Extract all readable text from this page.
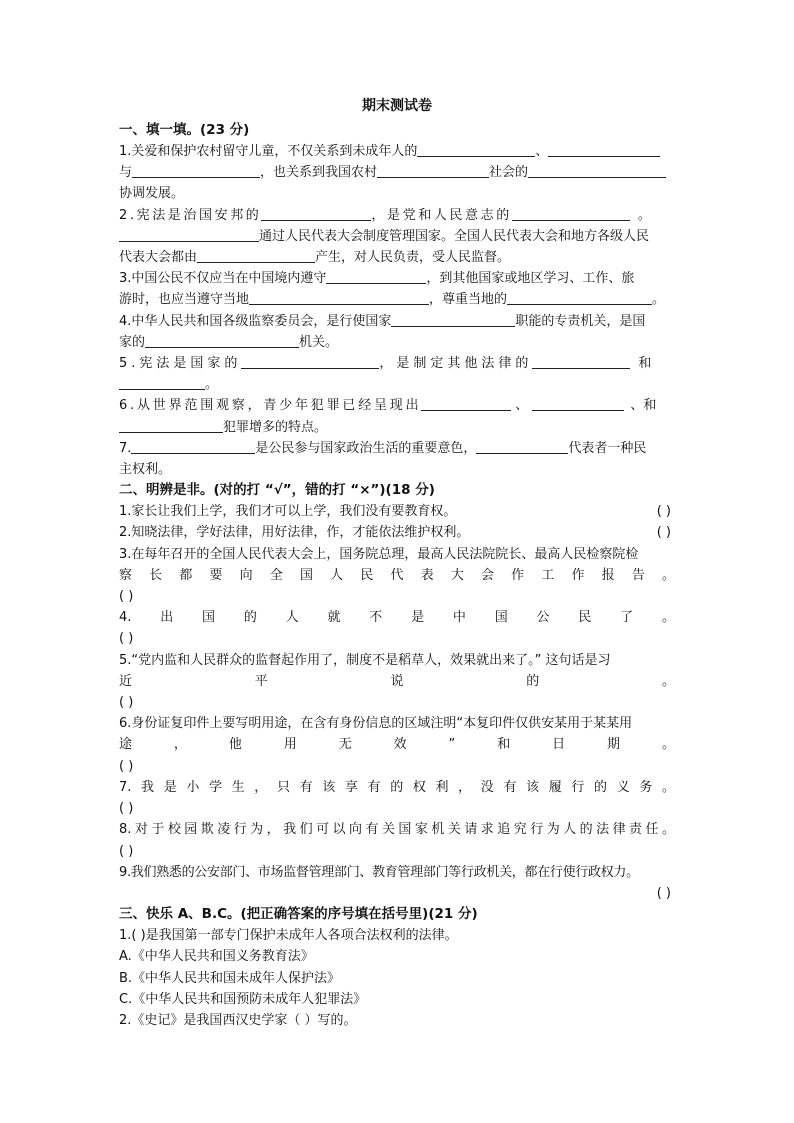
期末测试卷
一、填一填。(23 分)
1.关爱和保护农村留守儿童，不仅关系到未成年人的	、
与	，也关系到我国农村	社会的
协调发展。
2.宪法是治国安邦的	，是党和人民意志的	。
通过人民代表大会制度管理国家。全国人民代表大会和地方各级人民
代表大会都由	产生，对人民负责，受人民监督。
3.中国公民不仅应当在中国境内遵守	，到其他国家或地区学习、工作、旅
游时，也应当遵守当地	，尊重当地的	。
4.中华人民共和国各级监察委员会，是行使国家	职能的专责机关，是国
家的	机关。
5.宪法是国家的	，是制定其他法律的	和
。
6.从世界范围观察，青少年犯罪已经呈现出	、	、和
犯罪增多的特点。
7.	是公民参与国家政治生活的重要意色，	代表者一种民
主权利。
二、明辨是非。(对的打 “√”，错的打 “×”)(18 分)
1.家长让我们上学，我们才可以上学，我们没有要教育权。	( )
2.知晓法律，学好法律，用好法律，作，才能依法维护权利。	( )
3.在每年召开的全国人民代表大会上，国务院总理，最高人民法院院长、最高人民检察院检
察长都要向全国人民代表大会作工作报告。
( )
4.出国的人就不是中国公民了。
( )
5.“党内监和人民群众的监督起作用了，制度不是稻草人，效果就出来了。” 这句话是习
近平说的。
( )
6.身份证复印件上要写明用途，在含有身份信息的区域注明“本复印件仅供安某用于某某用
途，他用无效”和日期。
( )
7.我是小学生，只有该享有的权利，没有该履行的义务。
( )
8.对于校园欺凌行为，我们可以向有关国家机关请求追究行为人的法律责任。
( )
9.我们熟悉的公安部门、市场监督管理部门、教育管理部门等行政机关，都在行使行政权力。
( )
三、快乐 A、B.C。(把正确答案的序号填在括号里)(21 分)
1.( )是我国第一部专门保护未成年人各项合法权利的法律。
A.《中华人民共和国义务教育法》
B.《中华人民共和国未成年人保护法》
C.《中华人民共和国预防未成年人犯罪法》
2.《史记》是我国西汉史学家（ ）写的。
